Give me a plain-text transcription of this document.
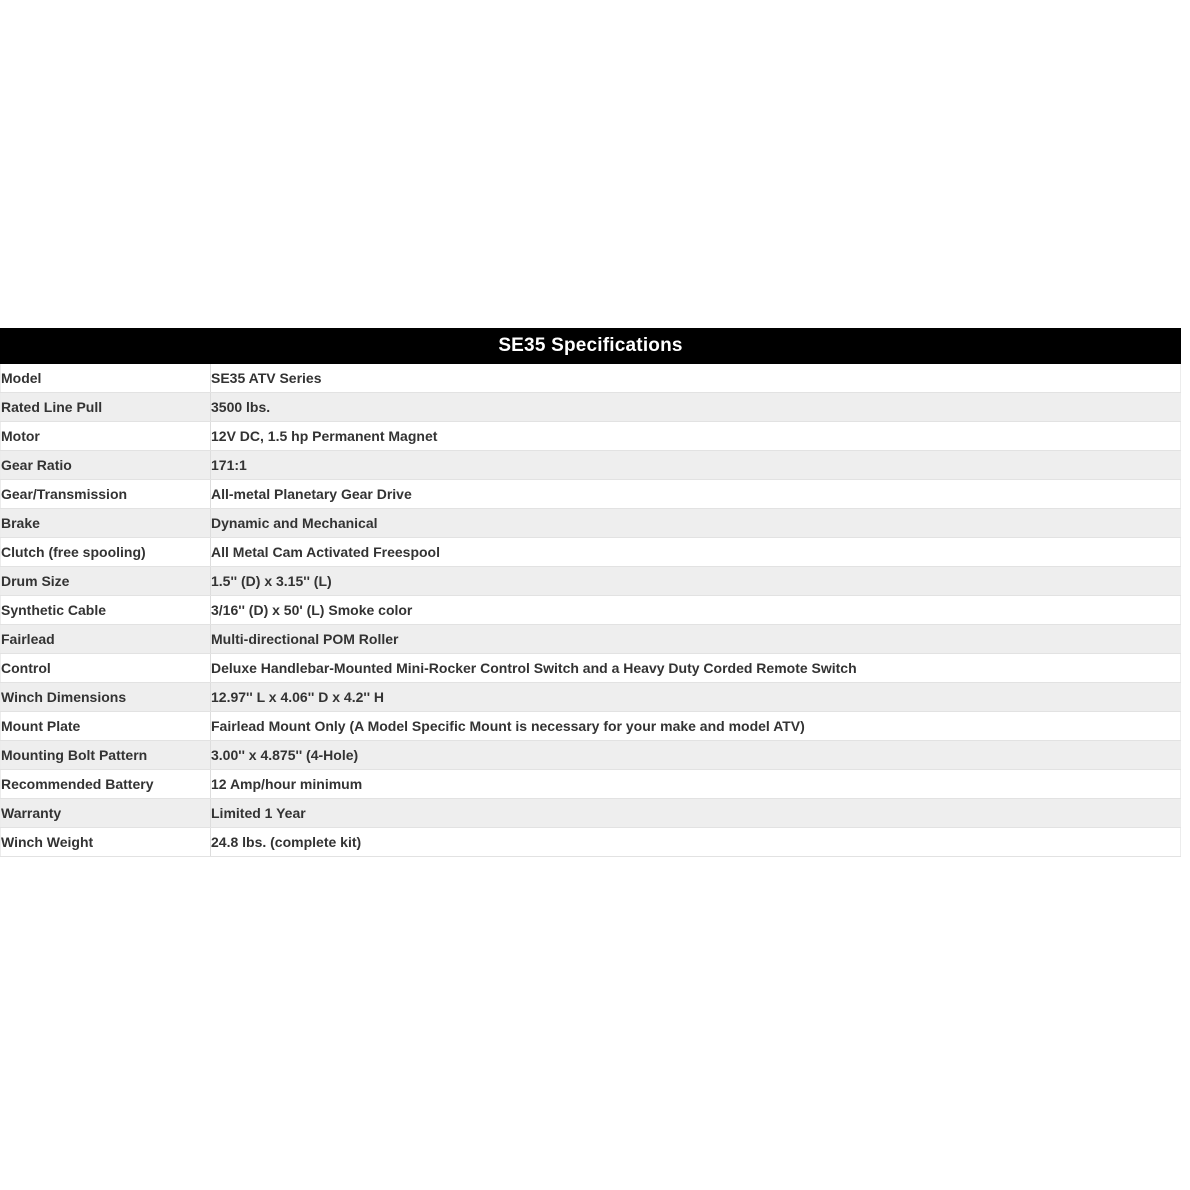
SE35 Specifications
Model	SE35 ATV Series
Rated Line Pull	3500 lbs.
Motor	12V DC, 1.5 hp Permanent Magnet
Gear Ratio	171:1
Gear/Transmission	All-metal Planetary Gear Drive
Brake	Dynamic and Mechanical
Clutch (free spooling)	All Metal Cam Activated Freespool
Drum Size	1.5'' (D) x 3.15'' (L)
Synthetic Cable	3/16'' (D) x 50' (L) Smoke color
Fairlead	Multi-directional POM Roller
Control	Deluxe Handlebar-Mounted Mini-Rocker Control Switch and a Heavy Duty Corded Remote Switch
Winch Dimensions	12.97'' L x 4.06'' D x 4.2'' H
Mount Plate	Fairlead Mount Only (A Model Specific Mount is necessary for your make and model ATV)
Mounting Bolt Pattern	3.00'' x 4.875'' (4-Hole)
Recommended Battery	12 Amp/hour minimum
Warranty	Limited 1 Year
Winch Weight	24.8 lbs. (complete kit)
